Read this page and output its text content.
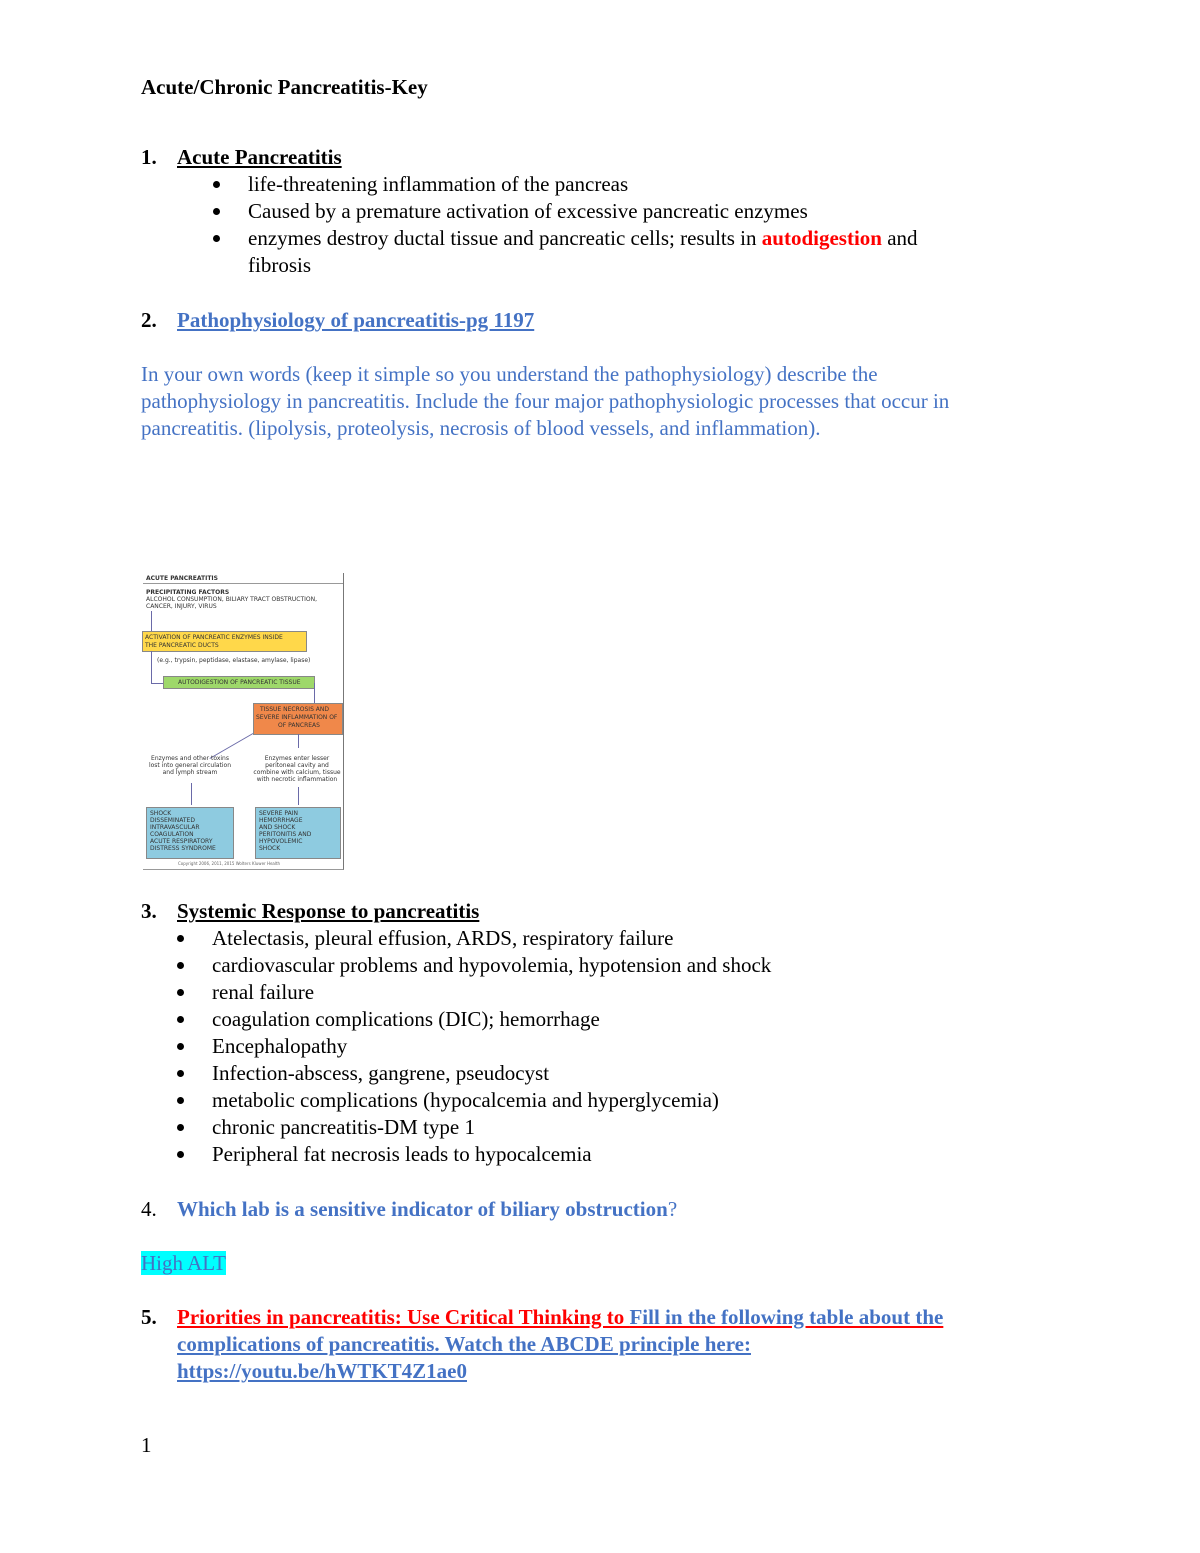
Acute/Chronic Pancreatitis-Key
1. Acute Pancreatitis
life-threatening inflammation of the pancreas
Caused by a premature activation of excessive pancreatic enzymes
enzymes destroy ductal tissue and pancreatic cells; results in autodigestion and
fibrosis
2. Pathophysiology of pancreatitis-pg 1197
In your own words (keep it simple so you understand the pathophysiology) describe the
pathophysiology in pancreatitis. Include the four major pathophysiologic processes that occur in
pancreatitis. (lipolysis, proteolysis, necrosis of blood vessels, and inflammation).
ACUTE PANCREATITIS
PRECIPITATING FACTORS
ALCOHOL CONSUMPTION, BILIARY TRACT OBSTRUCTION,
CANCER, INJURY, VIRUS
ACTIVATION OF PANCREATIC ENZYMES INSIDE
THE PANCREATIC DUCTS
(e.g., trypsin, peptidase, elastase, amylase, lipase)
AUTODIGESTION OF PANCREATIC TISSUE
TISSUE NECROSIS AND
SEVERE INFLAMMATION OF
OF PANCREAS
Enzymes and other toxins
lost into general circulation
and lymph stream
Enzymes enter lesser
peritoneal cavity and
combine with calcium, tissue
with necrotic inflammation
SHOCK
DISSEMINATED
INTRAVASCULAR
COAGULATION
ACUTE RESPIRATORY
DISTRESS SYNDROME
SEVERE PAIN
HEMORRHAGE
AND SHOCK
PERITONITIS AND
HYPOVOLEMIC
SHOCK
Copyright 2006, 2011, 2015 Wolters Kluwer Health
3. Systemic Response to pancreatitis
Atelectasis, pleural effusion, ARDS, respiratory failure
cardiovascular problems and hypovolemia, hypotension and shock
renal failure
coagulation complications (DIC); hemorrhage
Encephalopathy
Infection-abscess, gangrene, pseudocyst
metabolic complications (hypocalcemia and hyperglycemia)
chronic pancreatitis-DM type 1
Peripheral fat necrosis leads to hypocalcemia
4. Which lab is a sensitive indicator of biliary obstruction?
High ALT
5. Priorities in pancreatitis: Use Critical Thinking to Fill in the following table about the
complications of pancreatitis. Watch the ABCDE principle here:
https://youtu.be/hWTKT4Z1ae0
1
